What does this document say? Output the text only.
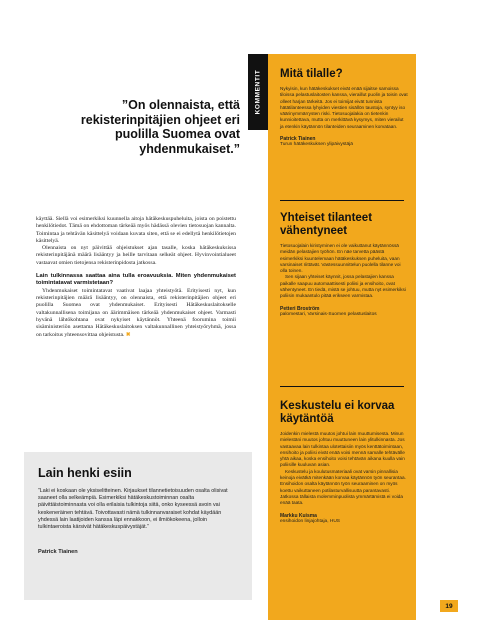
”On olennaista, että rekisterinpitäjien ohjeet eri puolilla Suomea ovat yhdenmukaiset.”

käyttää. Siellä voi esimerkiksi kuunnella aitoja hätäkeskuspuheluita, joista on poistettu henkilötiedot. Tämä on ehdottoman tärkeää myös hädässä olevien tietosuojan kannalta. Toimintaa ja tehtävän käsittelyä voidaan kuvata siten, että se ei edellytä henkilötietojen käsittelyä.

Olennaista on nyt päivittää ohjeistukset ajan tasalle, koska hätäkeskuksissa rekisterinpitäjänä määrä lisääntyy ja heille tarvitaan selkeät ohjeet. Hyvinvointialueet vastaavat omien tietojensa rekisterinpidosta jatkossa.

Lain tulkinnassa saattaa aina tulla eroavuuksia. Miten yhdenmukaiset toimintatavat varmistetaan?

Yhdenmukaiset toimintatavat vaativat laajaa yhteistyötä. Erityisesti nyt, kun rekisterinpitäjien määrä lisääntyy, on olennaista, että rekisterinpitäjien ohjeet eri puolilla Suomea ovat yhdenmukaiset. Erityisesti Hätäkeskuslaitokselle valtakunnallisena toimijana on äärimmäisen tärkeää yhdenmukaiset ohjeet. Varmasti hyvänä lähtökohtana ovat nykyiset käytännöt. Yhteenä foorumina toimii sisäministeriön asettama Hätäkeskuslaitoksen valtakunnallinen yhteistyöryhmä, jossa on tarkoitus yhteensovittaa ohjeistusta. ✖

Lain henki esiin

”Laki ei koskaan ole yksiselitteinen. Kirjaukset tilannetietoisuuden osalta olisivat saaneet olla selkeämpiä. Esimerkiksi hätäkeskustoiminnan osalta päivittäistoiminnasta voi olla erilaisia tulkintoja siitä, onko kyseessä avoin vai keskeneräinen tehtävä. Toivottavasti nämä tulkinnanvaraiset kohdat käydään yhdessä lain laatijoiden kanssa läpi ennakkoon, ei ilmiökokeena, jolloin tulkintaeroista kärsivät hätäkeskuspäivystäjät.”

Patrick Tiainen

KOMMENTIT Mitä tilalle?

Nykyisin, kun hätäkeskukset eivät enää sijaitse samoissa tiloissa pelastuslaitosten kanssa, vieraillut puolin ja toisin ovat olleet harjan tärkeitä. Jos ei toimijat eivät tunnista hätätilanteessa lyhyiden viestien sisällön taustoja, syntyy iso väärinymmärrysten riski. Tietosuojalakia on tietenkin kunnioitettava, mutta on merkittävä kysymys, miten vierailut ja etenkin käytännön tilanteiden seuraaminen korvataan.

Patrick Tiainen

Turun hätäkeskuksen ylipäivystäjä

Yhteiset tilanteet vähentyneet

Tietosuojalain kiristyminen ei ole vaikuttanut käytännössä meidän pelastajien työhön. En näe tarvetta päästä esimerkiksi kuuntelemaan hätäkeskuksen puheluita, vaan varsinaiset riittävät. Vastessuunnittelun puolella tilanne voi olla toinen.

Sen sijaan yhteiset käynnit, jossa pelastajien kanssa paikalle saapuu automaattisesti poliisi ja ensihoito, ovat vähentyneet. En tiedä, mistä se johtuu, mutta nyt esimerkiksi poliisin mukaantulo pitää erikseen varmistaa.

Petteri Broström

palomestari, Varsinais-Suomen pelastuslaitos

Keskustelu ei korvaa käytäntöä

Joidenkin mielestä muutos johtui lain muuttumisesta. Minun mielestäni muutos johtuu muuttuneen lain ylitulkinnasta. Jos vastaavaa lain tulkintaa ulotettaisiin myös kenttätoimintaan, ensihoito ja poliisi eivät enää voisi mennä samalle tehtävälle yhtä aikaa, koska ensihoito voisi tehtävän aikana kuulla vain poliisille kuuluvan asian.

Keskustelu ja koulutusmateriaali ovat varsin pinnallisia keinoja eivätkä mitenkään korvaa käytännön työn seurantaa. Ensihoidon osalta käytännön työn seuraaminen on myös koettu vaikuttaneen potilasturvallisuutta parantavasti. Jatkossa tällaista molemminpuolista ymmärtämistä ei voida enää taata.

Markku Kuisma

ensihoidon linjajohtaja, HUS

19
